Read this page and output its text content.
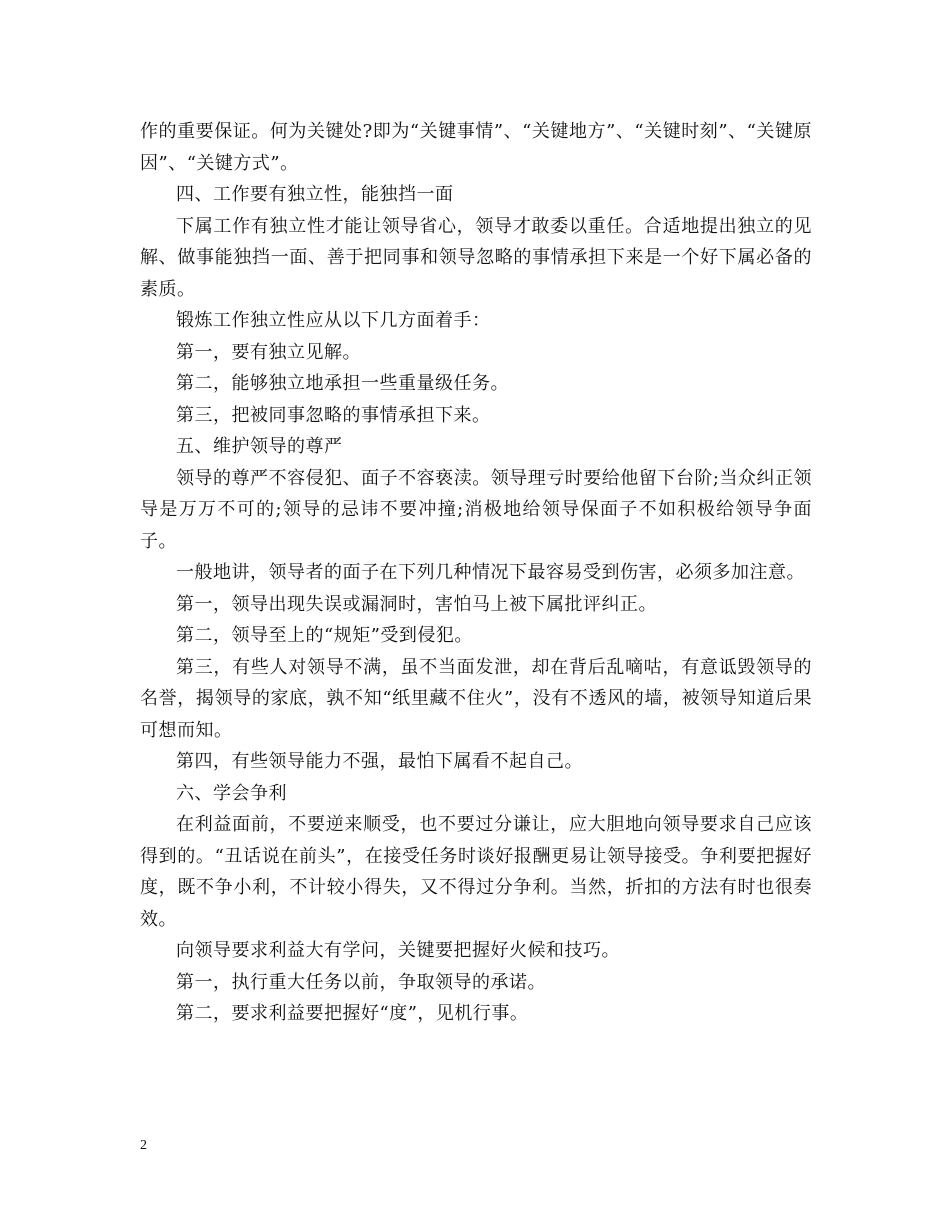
作的重要保证。何为关键处?即为“关键事情”、“关键地方”、“关键时刻”、“关键原因”、“关键方式”。

四、工作要有独立性，能独挡一面

下属工作有独立性才能让领导省心，领导才敢委以重任。合适地提出独立的见解、做事能独挡一面、善于把同事和领导忽略的事情承担下来是一个好下属必备的素质。

锻炼工作独立性应从以下几方面着手：

第一，要有独立见解。

第二，能够独立地承担一些重量级任务。

第三，把被同事忽略的事情承担下来。

五、维护领导的尊严

领导的尊严不容侵犯、面子不容亵渎。领导理亏时要给他留下台阶;当众纠正领导是万万不可的;领导的忌讳不要冲撞;消极地给领导保面子不如积极给领导争面子。

一般地讲，领导者的面子在下列几种情况下最容易受到伤害，必须多加注意。

第一，领导出现失误或漏洞时，害怕马上被下属批评纠正。

第二，领导至上的“规矩”受到侵犯。

第三，有些人对领导不满，虽不当面发泄，却在背后乱嘀咕，有意诋毁领导的名誉，揭领导的家底，孰不知“纸里藏不住火”，没有不透风的墙，被领导知道后果可想而知。

第四，有些领导能力不强，最怕下属看不起自己。

六、学会争利

在利益面前，不要逆来顺受，也不要过分谦让，应大胆地向领导要求自己应该得到的。“丑话说在前头”，在接受任务时谈好报酬更易让领导接受。争利要把握好度，既不争小利，不计较小得失，又不得过分争利。当然，折扣的方法有时也很奏效。

向领导要求利益大有学问，关键要把握好火候和技巧。

第一，执行重大任务以前，争取领导的承诺。

第二，要求利益要把握好“度”，见机行事。

2
